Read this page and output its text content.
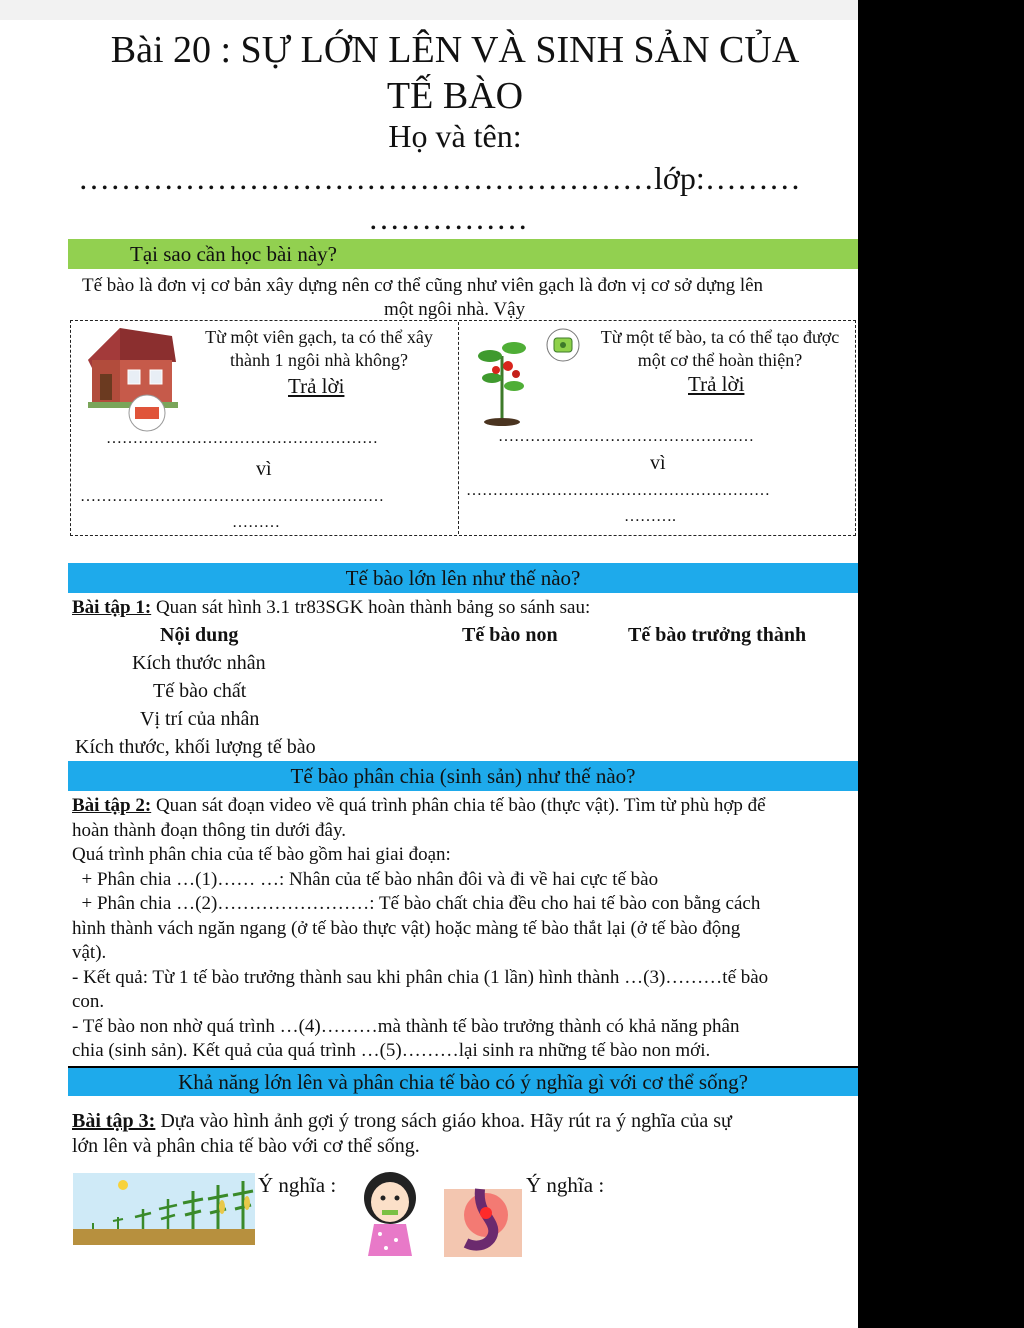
Bài 20 : SỰ LỚN LÊN VÀ SINH SẢN CỦA
TẾ BÀO
Họ và tên:
………………………………………………lớp:………
……………
Tại sao cần học bài này?
Tế bào là đơn vị cơ bản xây dựng nên cơ thể cũng như viên gạch là đơn vị cơ sở dựng lên
một ngôi nhà. Vậy
Từ một viên gạch, ta có thể xây
thành 1 ngôi nhà không?
Trả lời
……………………………………………
vì
…………………………………………………
………
Từ một tế bào, ta có thể tạo được
một cơ thể hoàn thiện?
Trả lời
…………………………………………
vì
…………………………………………………
……….
Tế bào lớn lên như thế nào?
Bài tập 1: Quan sát hình 3.1 tr83SGK hoàn thành bảng so sánh sau:
Nội dung	Tế bào non	Tế bào trưởng thành
Kích thước nhân
Tế bào chất
Vị trí của nhân
Kích thước, khối lượng tế bào
Tế bào phân chia (sinh sản) như thế nào?
Bài tập 2: Quan sát đoạn video về quá trình phân chia tế bào (thực vật). Tìm từ phù hợp để
hoàn thành đoạn thông tin dưới đây.
Quá trình phân chia của tế bào gồm hai giai đoạn:
+ Phân chia …(1)…… …: Nhân của tế bào nhân đôi và đi về hai cực tế bào
+ Phân chia …(2)……………………: Tế bào chất chia đều cho hai tế bào con bằng cách
hình thành vách ngăn ngang (ở tế bào thực vật) hoặc màng tế bào thắt lại (ở tế bào động
vật).
- Kết quả: Từ 1 tế bào trưởng thành sau khi phân chia (1 lần) hình thành …(3)………tế bào
con.
- Tế bào non nhờ quá trình …(4)………mà thành tế bào trưởng thành có khả năng phân
chia (sinh sản). Kết quả của quá trình …(5)………lại sinh ra những tế bào non mới.
Khả năng lớn lên và phân chia tế bào có ý nghĩa gì với cơ thể sống?
Bài tập 3: Dựa vào hình ảnh gợi ý trong sách giáo khoa. Hãy rút ra ý nghĩa của sự
lớn lên và phân chia tế bào với cơ thể sống.
Ý nghĩa :	Ý nghĩa :
